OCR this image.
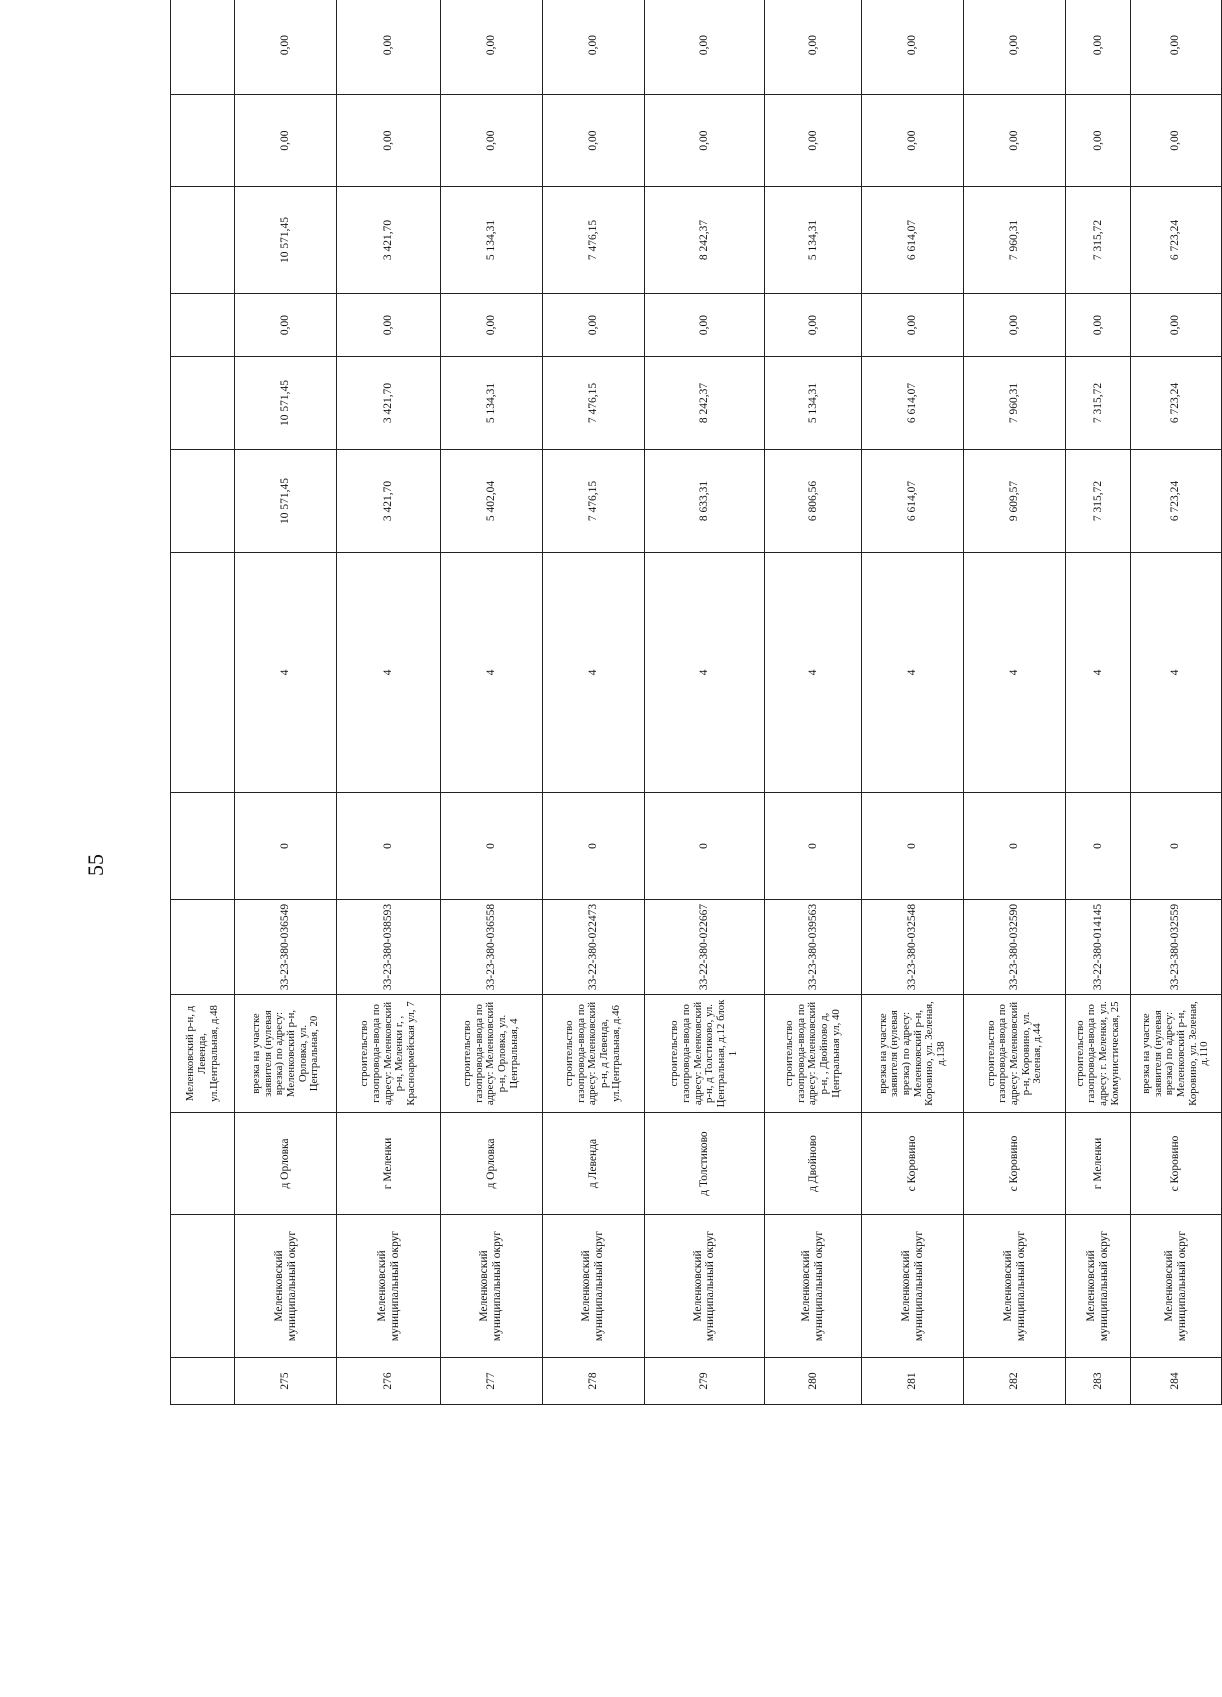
55
			Меленковский р-н, д Левенда, ул.Центральная, д.48									
275	Меленковский муниципальный округ	д Орловка	врезка на участке заявителя (нулевая врезка) по адресу: Меленковский р-н, Орловка, ул. Центральная, 20	33-23-380-036549	0	4	10 571,45	10 571,45	0,00	10 571,45	0,00	0,00
276	Меленковский муниципальный округ	г Меленки	строительство газопровода-ввода по адресу: Меленковский р-н, Меленки г, , Красноармейская ул, 7	33-23-380-038593	0	4	3 421,70	3 421,70	0,00	3 421,70	0,00	0,00
277	Меленковский муниципальный округ	д Орловка	строительство газопровода-ввода по адресу: Меленковский р-н, Орловка, ул. Центральная, 4	33-23-380-036558	0	4	5 402,04	5 134,31	0,00	5 134,31	0,00	0,00
278	Меленковский муниципальный округ	д Левенда	строительство газопровода-ввода по адресу: Меленковский р-н, д Левенда, ул.Центральная, д.46	33-22-380-022473	0	4	7 476,15	7 476,15	0,00	7 476,15	0,00	0,00
279	Меленковский муниципальный округ	д Толстиково	строительство газопровода-ввода по адресу: Меленковский р-н, д Толстиково, ул. Центральная, д.12 блок 1	33-22-380-022667	0	4	8 633,31	8 242,37	0,00	8 242,37	0,00	0,00
280	Меленковский муниципальный округ	д Двойново	строительство газопровода-ввода по адресу: Меленковский р-н, , Двойново д, Центральная ул, 40	33-23-380-039563	0	4	6 806,56	5 134,31	0,00	5 134,31	0,00	0,00
281	Меленковский муниципальный округ	с Коровино	врезка на участке заявителя (нулевая врезка) по адресу: Меленковский р-н, Коровино, ул. Зеленая, д.138	33-23-380-032548	0	4	6 614,07	6 614,07	0,00	6 614,07	0,00	0,00
282	Меленковский муниципальный округ	с Коровино	строительство газопровода-ввода по адресу: Меленковский р-н, Коровино, ул. Зеленая, д.44	33-23-380-032590	0	4	9 609,57	7 960,31	0,00	7 960,31	0,00	0,00
283	Меленковский муниципальный округ	г Меленки	строительство газопровода-ввода по адресу: г. Меленки, ул. Коммунистическая, 25	33-22-380-014145	0	4	7 315,72	7 315,72	0,00	7 315,72	0,00	0,00
284	Меленковский муниципальный округ	с Коровино	врезка на участке заявителя (нулевая врезка) по адресу: Меленковский р-н, Коровино, ул. Зеленая, д.110	33-23-380-032559	0	4	6 723,24	6 723,24	0,00	6 723,24	0,00	0,00
